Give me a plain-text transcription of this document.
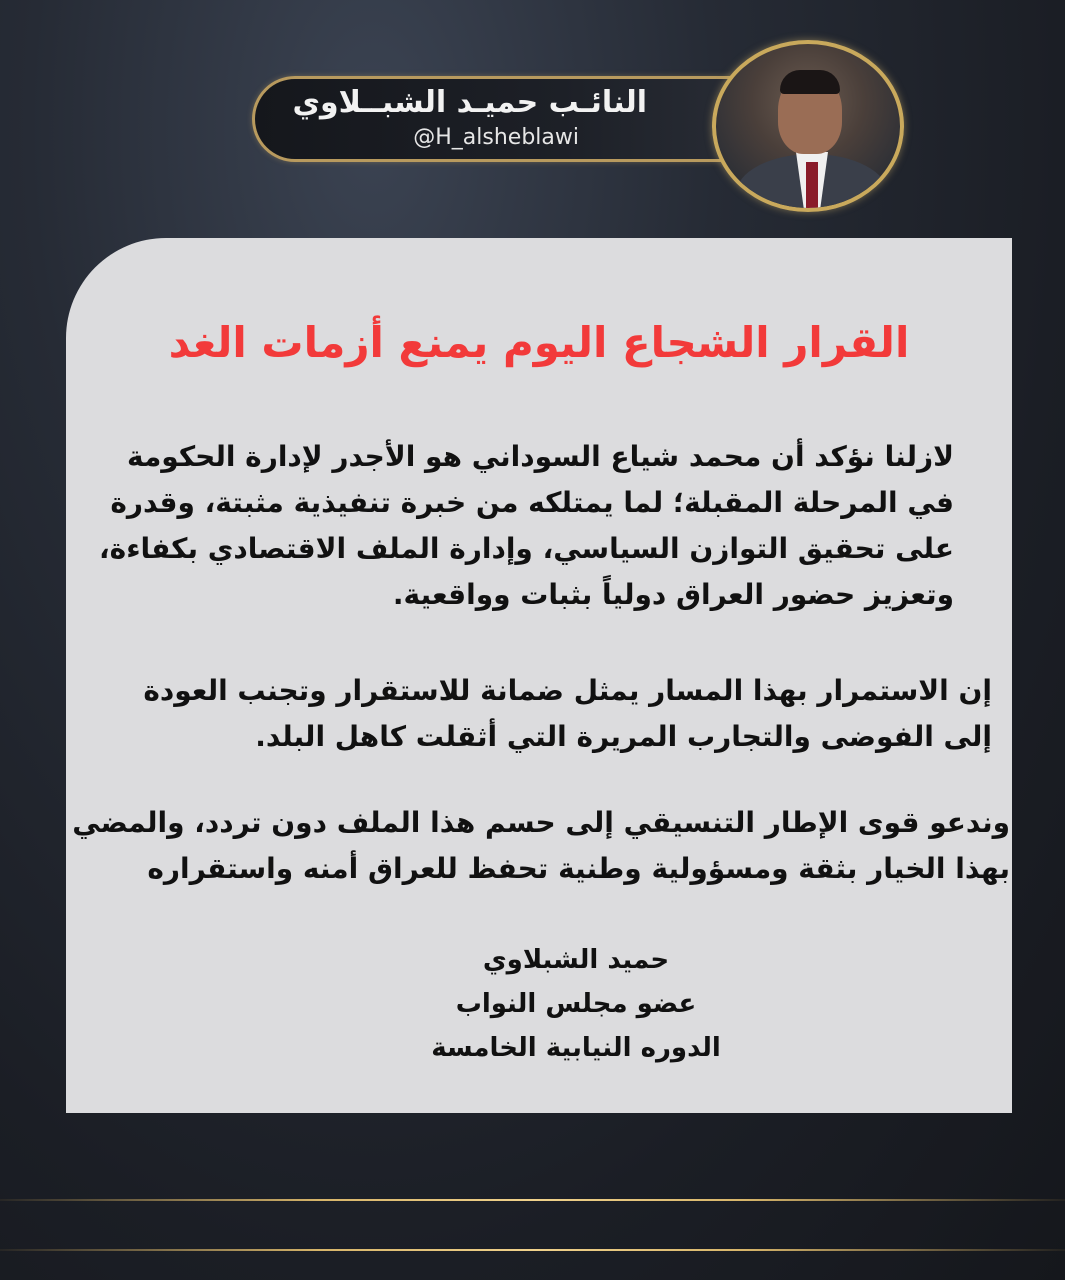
النائـب حميـد الشبــلاوي
@H_alsheblawi
القرار الشجاع اليوم يمنع أزمات الغد

لازلنا نؤكد أن محمد شياع السوداني هو الأجدر لإدارة الحكومة في المرحلة المقبلة؛ لما يمتلكه من خبرة تنفيذية مثبتة، وقدرة على تحقيق التوازن السياسي، وإدارة الملف الاقتصادي بكفاءة، وتعزيز حضور العراق دولياً بثبات وواقعية.

إن الاستمرار بهذا المسار يمثل ضمانة للاستقرار وتجنب العودة إلى الفوضى والتجارب المريرة التي أثقلت كاهل البلد.

وندعو قوى الإطار التنسيقي إلى حسم هذا الملف دون تردد، والمضي بهذا الخيار بثقة ومسؤولية وطنية تحفظ للعراق أمنه واستقراره

حميد الشبلاوي
عضو مجلس النواب
الدوره النيابية الخامسة
